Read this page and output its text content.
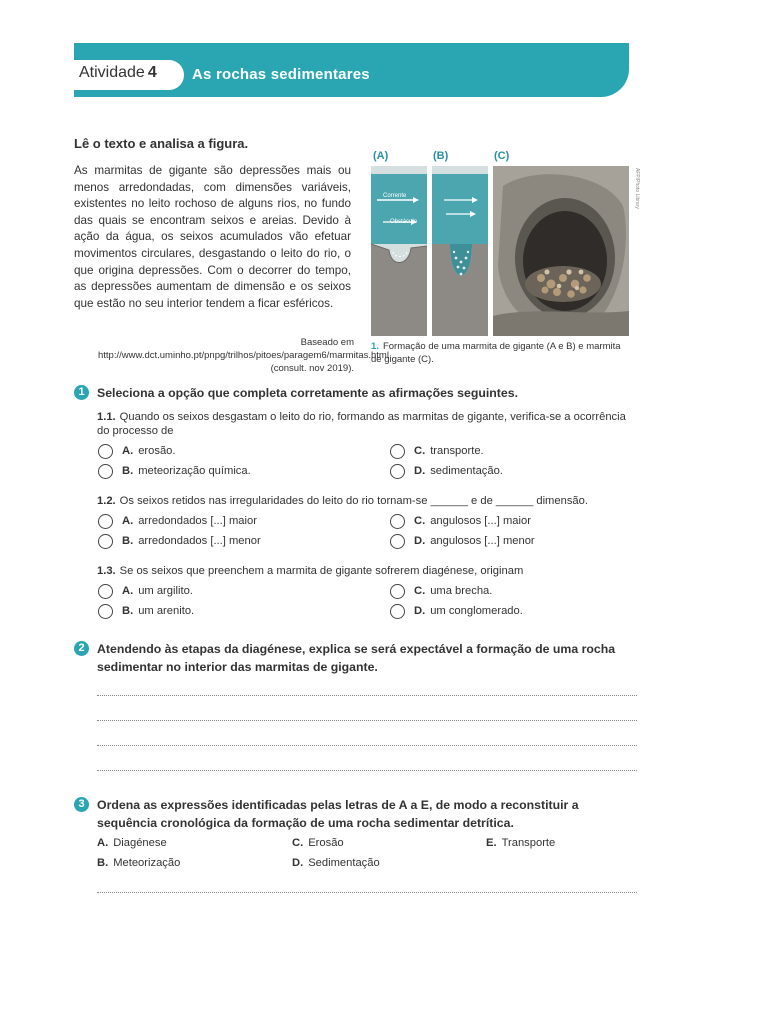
Atividade 4 As rochas sedimentares
Lê o texto e analisa a figura.
As marmitas de gigante são depressões mais ou menos arredondadas, com dimensões variáveis, existentes no leito rochoso de alguns rios, no fundo das quais se encontram seixos e areias. Devido à ação da água, os seixos acumulados vão efetuar movimentos circulares, desgastando o leito do rio, o que origina depressões. Com o decorrer do tempo, as depressões aumentam de dimensão e os seixos que estão no seu interior tendem a ficar esféricos.
Baseado em http://www.dct.uminho.pt/pnpg/trilhos/pitoes/paragem6/marmitas.html (consult. nov 2019).
(A)	(B)	(C)
Corrente
Obstáculo
AFP/Photo Library
1. Formação de uma marmita de gigante (A e B) e marmita de gigante (C).
1	Seleciona a opção que completa corretamente as afirmações seguintes.
1.1. Quando os seixos desgastam o leito do rio, formando as marmitas de gigante, verifica-se a ocorrência do processo de
A. erosão.
B. meteorização química.
C. transporte.
D. sedimentação.
1.2. Os seixos retidos nas irregularidades do leito do rio tornam-se ______ e de ______ dimensão.
A. arredondados [...] maior
B. arredondados [...] menor
C. angulosos [...] maior
D. angulosos [...] menor
1.3. Se os seixos que preenchem a marmita de gigante sofrerem diagénese, originam
A. um argilito.
B. um arenito.
C. uma brecha.
D. um conglomerado.
2	Atendendo às etapas da diagénese, explica se será expectável a formação de uma rocha sedimentar no interior das marmitas de gigante.
3	Ordena as expressões identificadas pelas letras de A a E, de modo a reconstituir a sequência cronológica da formação de uma rocha sedimentar detrítica.
A. Diagénese
B. Meteorização
C. Erosão
D. Sedimentação
E. Transporte
